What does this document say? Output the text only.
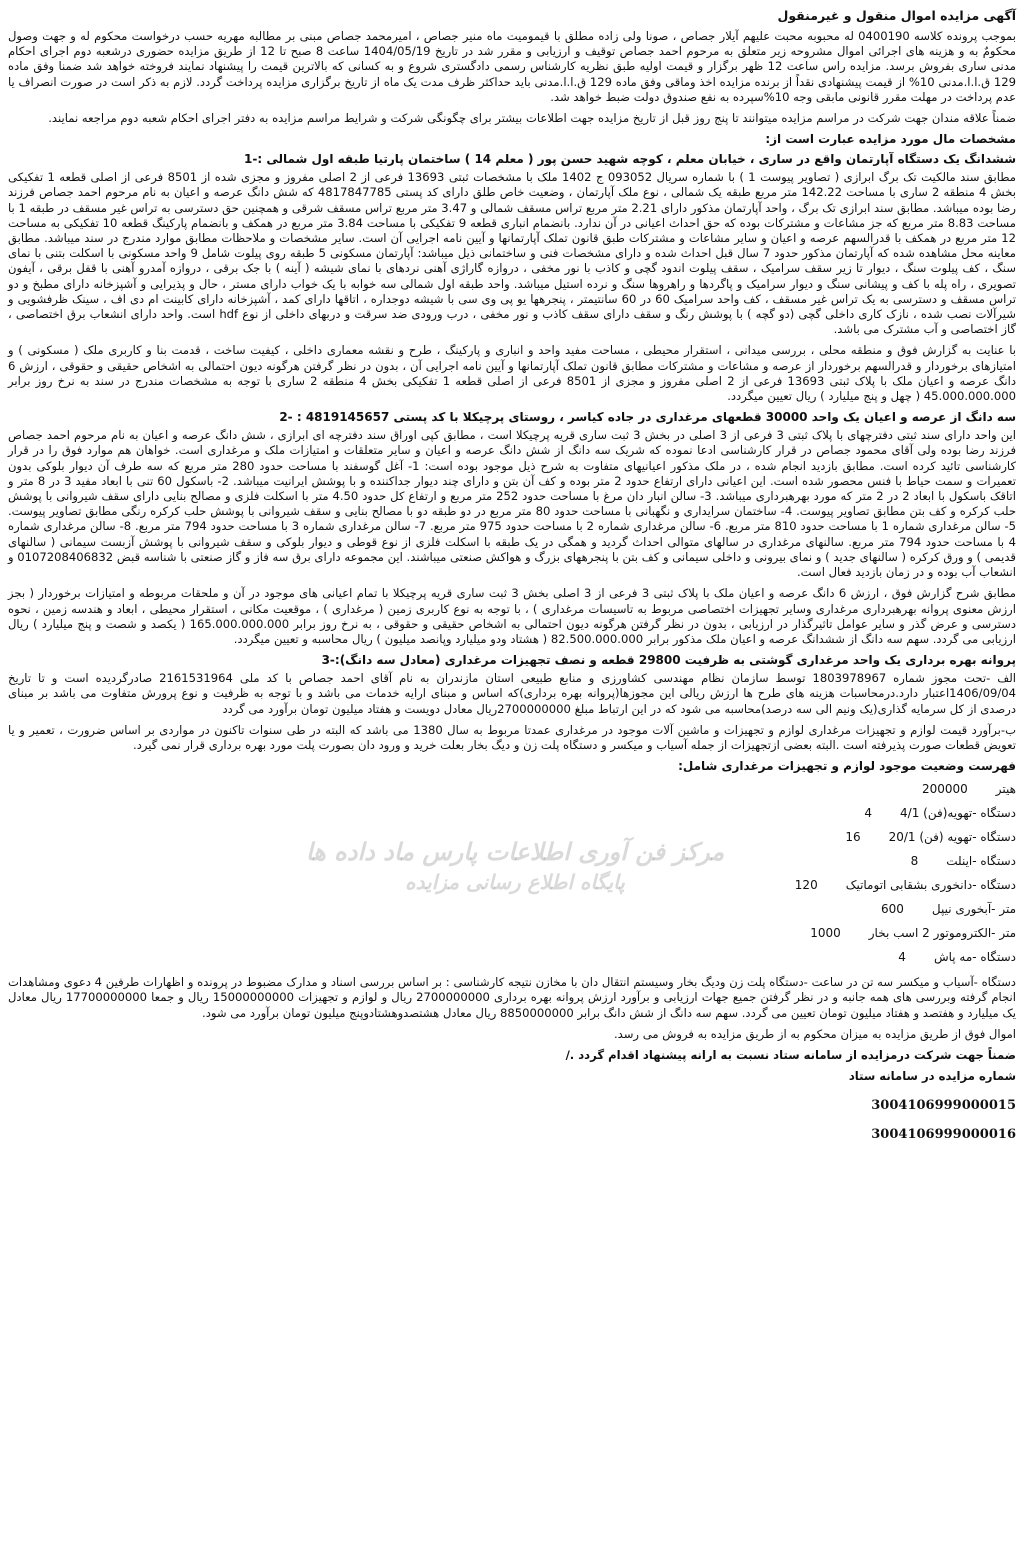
آگهی مزایده اموال منقول و غیرمنقول

بموجب پرونده کلاسه 0400190 له محبوبه محبت علیهم آیلار جصاص ، صونا ولی زاده مطلق با قیمومیت ماه منیر جصاص ، امیرمحمد جصاص مبنی بر مطالبه مهریه حسب درخواست محکوم له و جهت وصول محکومٌ به و هزینه های اجرائی اموال مشروحه زیر متعلق به مرحوم احمد جصاص توقیف و ارزیابی و مقرر شد در تاریخ 1404/05/19 ساعت 8 صبح تا 12 از طریق مزایده حضوری درشعبه دوم اجرای احکام مدنی ساری بفروش برسد. مزایده راس ساعت 12 ظهر برگزار و قیمت اولیه طبق نظریه کارشناس رسمی دادگستری شروع و به کسانی که بالاترین قیمت را پیشنهاد نمایند فروخته خواهد شد ضمنا وفق ماده 129 ق.ا.ا.مدنی 10% از قیمت پیشنهادی نقداً از برنده مزایده اخذ وماقی وفق ماده 129 ق.ا.ا.مدنی باید حداکثر ظرف مدت یک ماه از تاریخ برگزاری مزایده پرداخت گردد. لازم به ذکر است در صورت انصراف یا عدم پرداخت در مهلت مقرر قانونی مابقی وجه 10%سپرده به نفع صندوق دولت ضبط خواهد شد.

ضمناً علاقه مندان جهت شرکت در مراسم مزایده میتوانند تا پنج روز قبل از تاریخ مزایده جهت اطلاعات بیشتر برای چگونگی شرکت و شرایط مراسم مزایده به دفتر اجرای احکام شعبه دوم مراجعه نمایند.

مشخصات مال مورد مزایده عبارت است از:
ششدانگ یک دستگاه آپارتمان واقع در ساری ، خیابان معلم ، کوچه شهید حسن پور ( معلم 14 ) ساختمان پارتیا طبقه اول شمالی :-1

مطابق سند مالکیت تک برگ ابرازی ( تصاویر پیوست 1 ) با شماره سریال 093052 ج 1402 ملک با مشخصات ثبتی 13693 فرعی از 2 اصلی مفروز و مجزی شده از 8501 فرعی از اصلی قطعه 1 تفکیکی بخش 4 منطقه 2 ساری با مساحت 142.22 متر مربع طبقه یک شمالی ، نوع ملک آپارتمان ، وضعیت خاص طلق دارای کد پستی 4817847785 که شش دانگ عرصه و اعیان به نام مرحوم احمد جصاص فرزند رضا بوده میباشد. مطابق سند ابرازی تک برگ ، واحد آپارتمان مذکور دارای 2.21 متر مربع تراس مسقف شمالی و 3.47 متر مربع تراس مسقف شرقی و همچنین حق دسترسی به تراس غیر مسقف در طبقه 1 با مساحت 8.83 متر مربع که جز مشاعات و مشترکات بوده که حق احداث اعیانی در آن ندارد. بانضمام انباری قطعه 9 تفکیکی با مساحت 3.84 متر مربع در همکف و بانضمام پارکینگ قطعه 10 تفکیکی به مساحت 12 متر مربع در همکف با قدرالسهم عرصه و اعیان و سایر مشاعات و مشترکات طبق قانون تملک آپارتمانها و آیین نامه اجرایی آن است. سایر مشخصات و ملاحظات مطابق موارد مندرج در سند میباشد. مطابق معاینه محل مشاهده شده که آپارتمان مذکور حدود 7 سال قبل احداث شده و دارای مشخصات فنی و ساختمانی ذیل میباشد: آپارتمان مسکونی 5 طبقه روی پیلوت شامل 9 واحد مسکونی با اسکلت بتنی با نمای سنگ ، کف پیلوت سنگ ، دیوار تا زیر سقف سرامیک ، سقف پیلوت اندود گچی و کاذب با نور مخفی ، دروازه گاراژی آهنی نردهای با نمای شیشه ( آینه ) با جک برقی ، دروازه آمدرو آهنی با قفل برقی ، آیفون تصویری ، راه پله با کف و پیشانی سنگ و دیوار سرامیک و پاگردها و راهروها سنگ و نرده استیل میباشد. واحد طبقه اول شمالی سه خوابه با یک خواب دارای مستر ، حال و پذیرایی و آشپزخانه دارای مطبخ و دو تراس مسقف و دسترسی به یک تراس غیر مسقف ، کف واحد سرامیک 60 در 60 سانتیمتر ، پنجرهها یو پی وی سی با شیشه دوجداره ، اتاقها دارای کمد ، آشپزخانه دارای کابینت ام دی اف ، سینک ظرفشویی و شیرآلات نصب شده ، نازک کاری داخلی گچی (دو گچه ) با پوشش رنگ و سقف دارای سقف کاذب و نور مخفی ، درب ورودی ضد سرقت و دربهای داخلی از نوع hdf است. واحد دارای انشعاب برق اختصاصی ، گاز اختصاصی و آب مشترک می باشد.

با عنایت به گزارش فوق و منطقه محلی ، بررسی میدانی ، استقرار محیطی ، مساحت مفید واحد و انباری و پارکینگ ، طرح و نقشه معماری داخلی ، کیفیت ساخت ، قدمت بنا و کاربری ملک ( مسکونی ) و امتیازهای برخوردار و قدرالسهم برخوردار از عرصه و مشاعات و مشترکات مطابق قانون تملک آپارتمانها و آیین نامه اجرایی آن ، بدون در نظر گرفتن هرگونه دیون احتمالی به اشخاص حقیقی و حقوقی ، ارزش 6 دانگ عرصه و اعیان ملک با پلاک ثبتی 13693 فرعی از 2 اصلی مفروز و مجزی از 8501 فرعی از اصلی قطعه 1 تفکیکی بخش 4 منطقه 2 ساری با توجه به مشخصات مندرج در سند به نرخ روز برابر 45.000.000.000 ( چهل و پنج میلیارد ) ریال تعیین میگردد.

سه دانگ از عرصه و اعیان یک واحد 30000 قطعهای مرغداری در جاده کیاسر ، روستای پرچیکلا با کد پستی 4819145657 : -2

این واحد دارای سند ثبتی دفترچهای با پلاک ثبتی 3 فرعی از 3 اصلی در بخش 3 ثبت ساری قریه پرچیکلا است ، مطابق کپی اوراق سند دفترچه ای ابرازی ، شش دانگ عرصه و اعیان به نام مرحوم احمد جصاص فرزند رضا بوده ولی آقای محمود جصاص در قرار کارشناسی ادعا نموده که شریک سه دانگ از شش دانگ عرصه و اعیان و سایر متعلقات و امتیازات ملک و مرغداری است. خواهان هم موارد فوق را در قرار کارشناسی تائید کرده است. مطابق بازدید انجام شده ، در ملک مذکور اعیانیهای متفاوت به شرح ذیل موجود بوده است: 1- آغل گوسفند با مساحت حدود 280 متر مربع که سه طرف آن دیوار بلوکی بدون تعمیرات و سمت حیاط با فنس محصور شده است. این اعیانی دارای ارتفاع حدود 2 متر بوده و کف آن بتن و دارای چند دیوار جداکننده و با پوشش ایرانیت میباشد. 2- باسکول 60 تنی با ابعاد مفید 3 در 8 متر و اتاقک باسکول با ابعاد 2 در 2 متر که مورد بهرهبرداری میباشد. 3- سالن انبار دان مرغ با مساحت حدود 252 متر مربع و ارتفاع کل حدود 4.50 متر با اسکلت فلزی و مصالح بنایی دارای سقف شیروانی با پوشش حلب کرکره و کف بتن مطابق تصاویر پیوست. 4- ساختمان سرایداری و نگهبانی با مساحت حدود 80 متر مربع در دو طبقه دو با مصالح بنایی و سقف شیروانی با پوشش حلب کرکره رنگی مطابق تصاویر پیوست. 5- سالن مرغداری شماره 1 با مساحت حدود 810 متر مربع. 6- سالن مرغداری شماره 2 با مساحت حدود 975 متر مربع. 7- سالن مرغداری شماره 3 با مساحت حدود 794 متر مربع. 8- سالن مرغداری شماره 4 با مساحت حدود 794 متر مربع. سالنهای مرغداری در سالهای متوالی احداث گردید و همگی در یک طبقه با اسکلت فلزی از نوع قوطی و دیوار بلوکی و سقف شیروانی با پوشش آزبست سیمانی ( سالنهای قدیمی ) و ورق کرکره ( سالنهای جدید ) و نمای بیرونی و داخلی سیمانی و کف بتن با پنجرههای بزرگ و هواکش صنعتی میباشند. این مجموعه دارای برق سه فاز و گاز صنعتی با شناسه قبض 0107208406832 و انشعاب آب بوده و در زمان بازدید فعال است.

مطابق شرح گزارش فوق ، ارزش 6 دانگ عرصه و اعیان ملک با پلاک ثبتی 3 فرعی از 3 اصلی بخش 3 ثبت ساری قریه پرچیکلا با تمام اعیانی های موجود در آن و ملحقات مربوطه و امتیازات برخوردار ( بجز ارزش معنوی پروانه بهرهبرداری مرغداری وسایر تجهیزات اختصاصی مربوط به تاسیسات مرغداری ) ، با توجه به نوع کاربری زمین ( مرغداری ) ، موقعیت مکانی ، استقرار محیطی ، ابعاد و هندسه زمین ، نحوه دسترسی و عرض گذر و سایر عوامل تاثیرگذار در ارزیابی ، بدون در نظر گرفتن هرگونه دیون احتمالی به اشخاص حقیقی و حقوقی ، به نرخ روز برابر 165.000.000.000 ( یکصد و شصت و پنج میلیارد ) ریال ارزیابی می گردد. سهم سه دانگ از ششدانگ عرصه و اعیان ملک مذکور برابر 82.500.000.000 ( هشتاد ودو میلیارد وپانصد میلیون ) ریال محاسبه و تعیین میگردد.

پروانه بهره برداری یک واحد مرغداری گوشتی به ظرفیت 29800 قطعه و نصف تجهیزات مرغداری (معادل سه دانگ):-3

الف -تحت مجوز شماره 1803978967 توسط سازمان نظام مهندسی کشاورزی و منابع طبیعی استان مازندران به نام آقای احمد جصاص با کد ملی 2161531964 صادرگردیده است و تا تاریخ 1406/09/04اعتبار دارد.درمحاسبات هزینه های طرح ها ارزش ریالی این مجوزها(پروانه بهره برداری)که اساس و مبنای ارایه خدمات می باشد و با توجه به ظرفیت و نوع پرورش متفاوت می باشد بر مبنای درصدی از کل سرمایه گذاری(یک ونیم الی سه درصد)محاسبه می شود که در این ارتباط مبلغ 2700000000ریال معادل دویست و هفتاد میلیون تومان برآورد می گردد

ب-برآورد قیمت لوازم و تجهیزات مرغداری لوازم و تجهیزات و ماشین آلات موجود در مرغداری عمدتا مربوط به سال 1380 می باشد که البته در طی سنوات تاکنون در مواردی بر اساس ضرورت ، تعمیر و یا تعویض قطعات صورت پذیرفته است .البته بعضی ازتجهیزات از جمله آسیاب و میکسر و دستگاه پلت زن و دیگ بخار بعلت خرید و ورود دان بصورت پلت مورد بهره برداری قرار نمی گیرد.

فهرست وضعیت موجود لوازم و تجهیزات مرغداری شامل:
هیتر
200000
دستگاه -تهویه(فن) 4/1
4
دستگاه -تهویه (فن) 20/1
16
دستگاه -اینلت
8
دستگاه -دانخوری بشقابی اتوماتیک
120
متر -آبخوری نیپل
600
متر -الکتروموتور 2 اسب بخار
1000
دستگاه -مه پاش
4

دستگاه -آسیاب و میکسر سه تن در ساعت -دستگاه پلت زن ودیگ بخار وسیستم انتقال دان با مخازن نتیجه کارشناسی : بر اساس بررسی اسناد و مدارک مضبوط در پرونده و اظهارات طرفین 4 دعوی ومشاهدات انجام گرفته وبررسی های همه جانبه و در نظر گرفتن جمیع جهات ارزیابی و برآورد ارزش پروانه بهره برداری 2700000000 ریال و لوازم و تجهیزات 15000000000 ریال و جمعا 17700000000 ریال معادل یک میلیارد و هفتصد و هفتاد میلیون تومان تعیین می گردد. سهم سه دانگ از شش دانگ برابر 8850000000 ریال معادل هشتصدوهشتادوپنج میلیون تومان برآورد می شود.

اموال فوق از طریق مزایده به میزان محکوم به از طریق مزایده به فروش می رسد.

ضمناً جهت شرکت درمزایده از سامانه ستاد نسبت به ارانه پیشنهاد اقدام گردد ./

شماره مزایده در سامانه ستاد

3004106999000015
3004106999000016
مرکز فن آوری اطلاعات پارس ماد داده ها
پایگاه اطلاع رسانی مزایده
